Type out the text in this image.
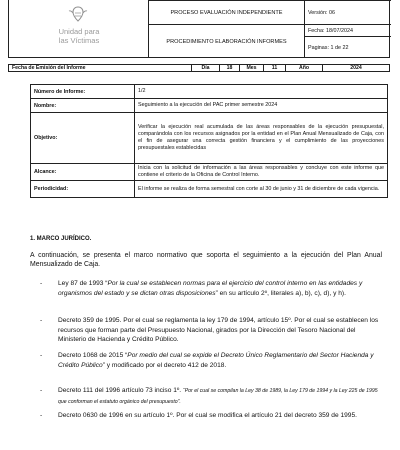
Unidad para
las Víctimas
PROCESO EVALUACIÓN INDEPENDIENTE
PROCEDIMIENTO ELABORACIÓN INFORMES
Versión: 06
Fecha: 18/07/2024
Paginas: 1 de 22
Fecha de Emisión del Informe	Día	18	Mes	11	Año	2024
Número de Informe:	1/2
Nombre:	Seguimiento a la ejecución del PAC primer semestre 2024
Objetivo:	Verificar la ejecución real acumulada de las áreas responsables de la ejecución presupuestal, comparándola con los recursos asignados por la entidad en el Plan Anual Mensualizado de Caja, con el fin de asegurar una correcta gestión financiera y el cumplimiento de las proyecciones presupuestales establecidas
Alcance:	Inicia con la solicitud de información a las áreas responsables y concluye con este informe que contiene el criterio de la Oficina de Control Interno.
Periodicidad:	El informe se realiza de forma semestral con corte al 30 de junio y 31 de diciembre de cada vigencia.
1. MARCO JURÍDICO.
A continuación, se presenta el marco normativo que soporta el seguimiento a la ejecución del Plan Anual Mensualizado de Caja.
- Ley 87 de 1993 “Por la cual se establecen normas para el ejercicio del control interno en las entidades y organismos del estado y se dictan otras disposiciones” en su artículo 2º, literales a), b), c), d), y h).
- Decreto 359 de 1995. Por el cual se reglamenta la ley 179 de 1994, artículo 15º. Por el cual se establecen los recursos que forman parte del Presupuesto Nacional, girados por la Dirección del Tesoro Nacional del Ministerio de Hacienda y Crédito Público.
- Decreto 1068 de 2015 “Por medio del cual se expide el Decreto Único Reglamentario del Sector Hacienda y Crédito Público” y modificado por el decreto 412 de 2018.
- Decreto 111 del 1996 artículo 73 inciso 1º. “Por el cual se compilan la Ley 38 de 1989, la Ley 179 de 1994 y la Ley 225 de 1995 que conforman el estatuto orgánico del presupuesto”.
- Decreto 0630 de 1996 en su artículo 1º. Por el cual se modifica el artículo 21 del decreto 359 de 1995.
